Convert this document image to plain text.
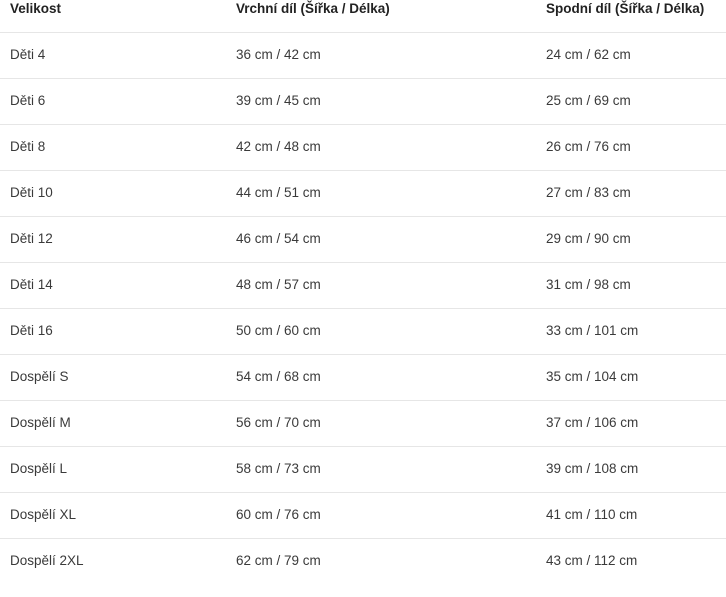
Velikost	Vrchní díl (Šířka / Délka)	Spodní díl (Šířka / Délka)
Děti 4	36 cm / 42 cm	24 cm / 62 cm
Děti 6	39 cm / 45 cm	25 cm / 69 cm
Děti 8	42 cm / 48 cm	26 cm / 76 cm
Děti 10	44 cm / 51 cm	27 cm / 83 cm
Děti 12	46 cm / 54 cm	29 cm / 90 cm
Děti 14	48 cm / 57 cm	31 cm / 98 cm
Děti 16	50 cm / 60 cm	33 cm / 101 cm
Dospělí S	54 cm / 68 cm	35 cm / 104 cm
Dospělí M	56 cm / 70 cm	37 cm / 106 cm
Dospělí L	58 cm / 73 cm	39 cm / 108 cm
Dospělí XL	60 cm / 76 cm	41 cm / 110 cm
Dospělí 2XL	62 cm / 79 cm	43 cm / 112 cm
